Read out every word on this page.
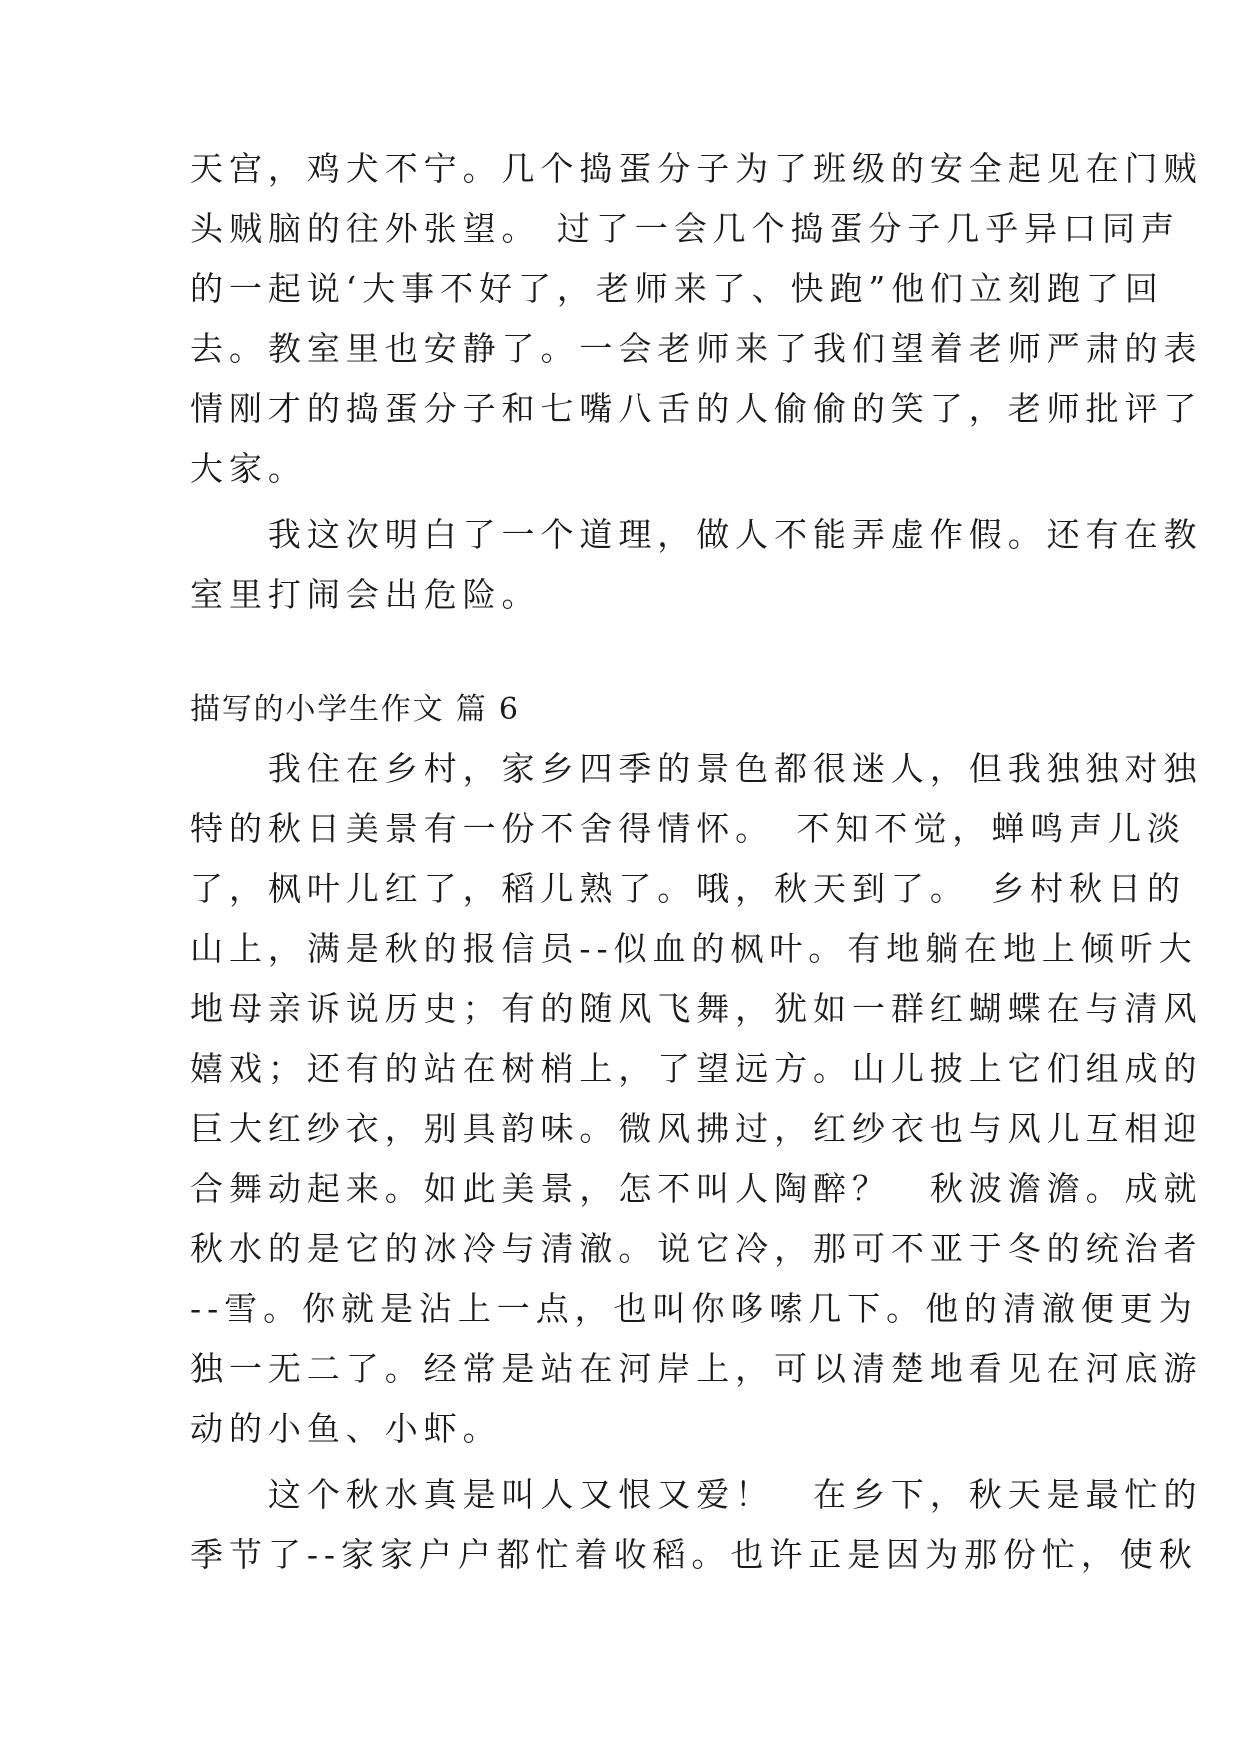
天宫，鸡犬不宁。几个捣蛋分子为了班级的安全起见在门贼
头贼脑的往外张望。 过了一会几个捣蛋分子几乎异口同声
的一起说‘大事不好了，老师来了、快跑”他们立刻跑了回
去。教室里也安静了。一会老师来了我们望着老师严肃的表
情刚才的捣蛋分子和七嘴八舌的人偷偷的笑了，老师批评了
大家。
　　我这次明白了一个道理，做人不能弄虚作假。还有在教
室里打闹会出危险。
描写的小学生作文 篇 6
　　我住在乡村，家乡四季的景色都很迷人，但我独独对独
特的秋日美景有一份不舍得情怀。　不知不觉，蝉鸣声儿淡
了，枫叶儿红了，稻儿熟了。哦，秋天到了。　乡村秋日的
山上，满是秋的报信员--似血的枫叶。有地躺在地上倾听大
地母亲诉说历史；有的随风飞舞，犹如一群红蝴蝶在与清风
嬉戏；还有的站在树梢上，了望远方。山儿披上它们组成的
巨大红纱衣，别具韵味。微风拂过，红纱衣也与风儿互相迎
合舞动起来。如此美景，怎不叫人陶醉？　秋波澹澹。成就
秋水的是它的冰冷与清澈。说它冷，那可不亚于冬的统治者
--雪。你就是沾上一点，也叫你哆嗦几下。他的清澈便更为
独一无二了。经常是站在河岸上，可以清楚地看见在河底游
动的小鱼、小虾。
　　这个秋水真是叫人又恨又爱！　在乡下，秋天是最忙的
季节了--家家户户都忙着收稻。也许正是因为那份忙，使秋
